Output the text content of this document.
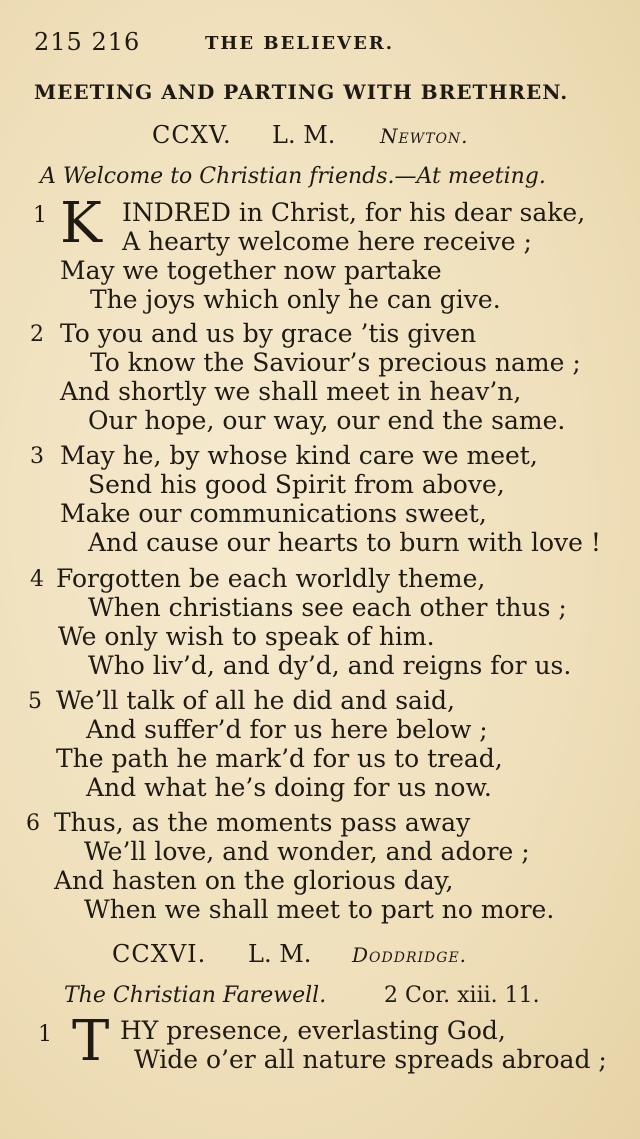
215 216	THE BELIEVER.
MEETING AND PARTING WITH BRETHREN.
CCXV. L. M. Newton.
A Welcome to Christian friends.—At meeting.
1 K INDRED in Christ, for his dear sake,
A hearty welcome here receive ;
May we together now partake
The joys which only he can give.
2 To you and us by grace ’tis given
To know the Saviour’s precious name ;
And shortly we shall meet in heav’n,
Our hope, our way, our end the same.
3 May he, by whose kind care we meet,
Send his good Spirit from above,
Make our communications sweet,
And cause our hearts to burn with love !
4 Forgotten be each worldly theme,
When christians see each other thus ;
We only wish to speak of him.
Who liv’d, and dy’d, and reigns for us.
5 We’ll talk of all he did and said,
And suffer’d for us here below ;
The path he mark’d for us to tread,
And what he’s doing for us now.
6 Thus, as the moments pass away
We’ll love, and wonder, and adore ;
And hasten on the glorious day,
When we shall meet to part no more.
CCXVI. L. M. Doddridge.
The Christian Farewell.	2 Cor. xiii. 11.
1 T HY presence, everlasting God,
Wide o’er all nature spreads abroad ;
